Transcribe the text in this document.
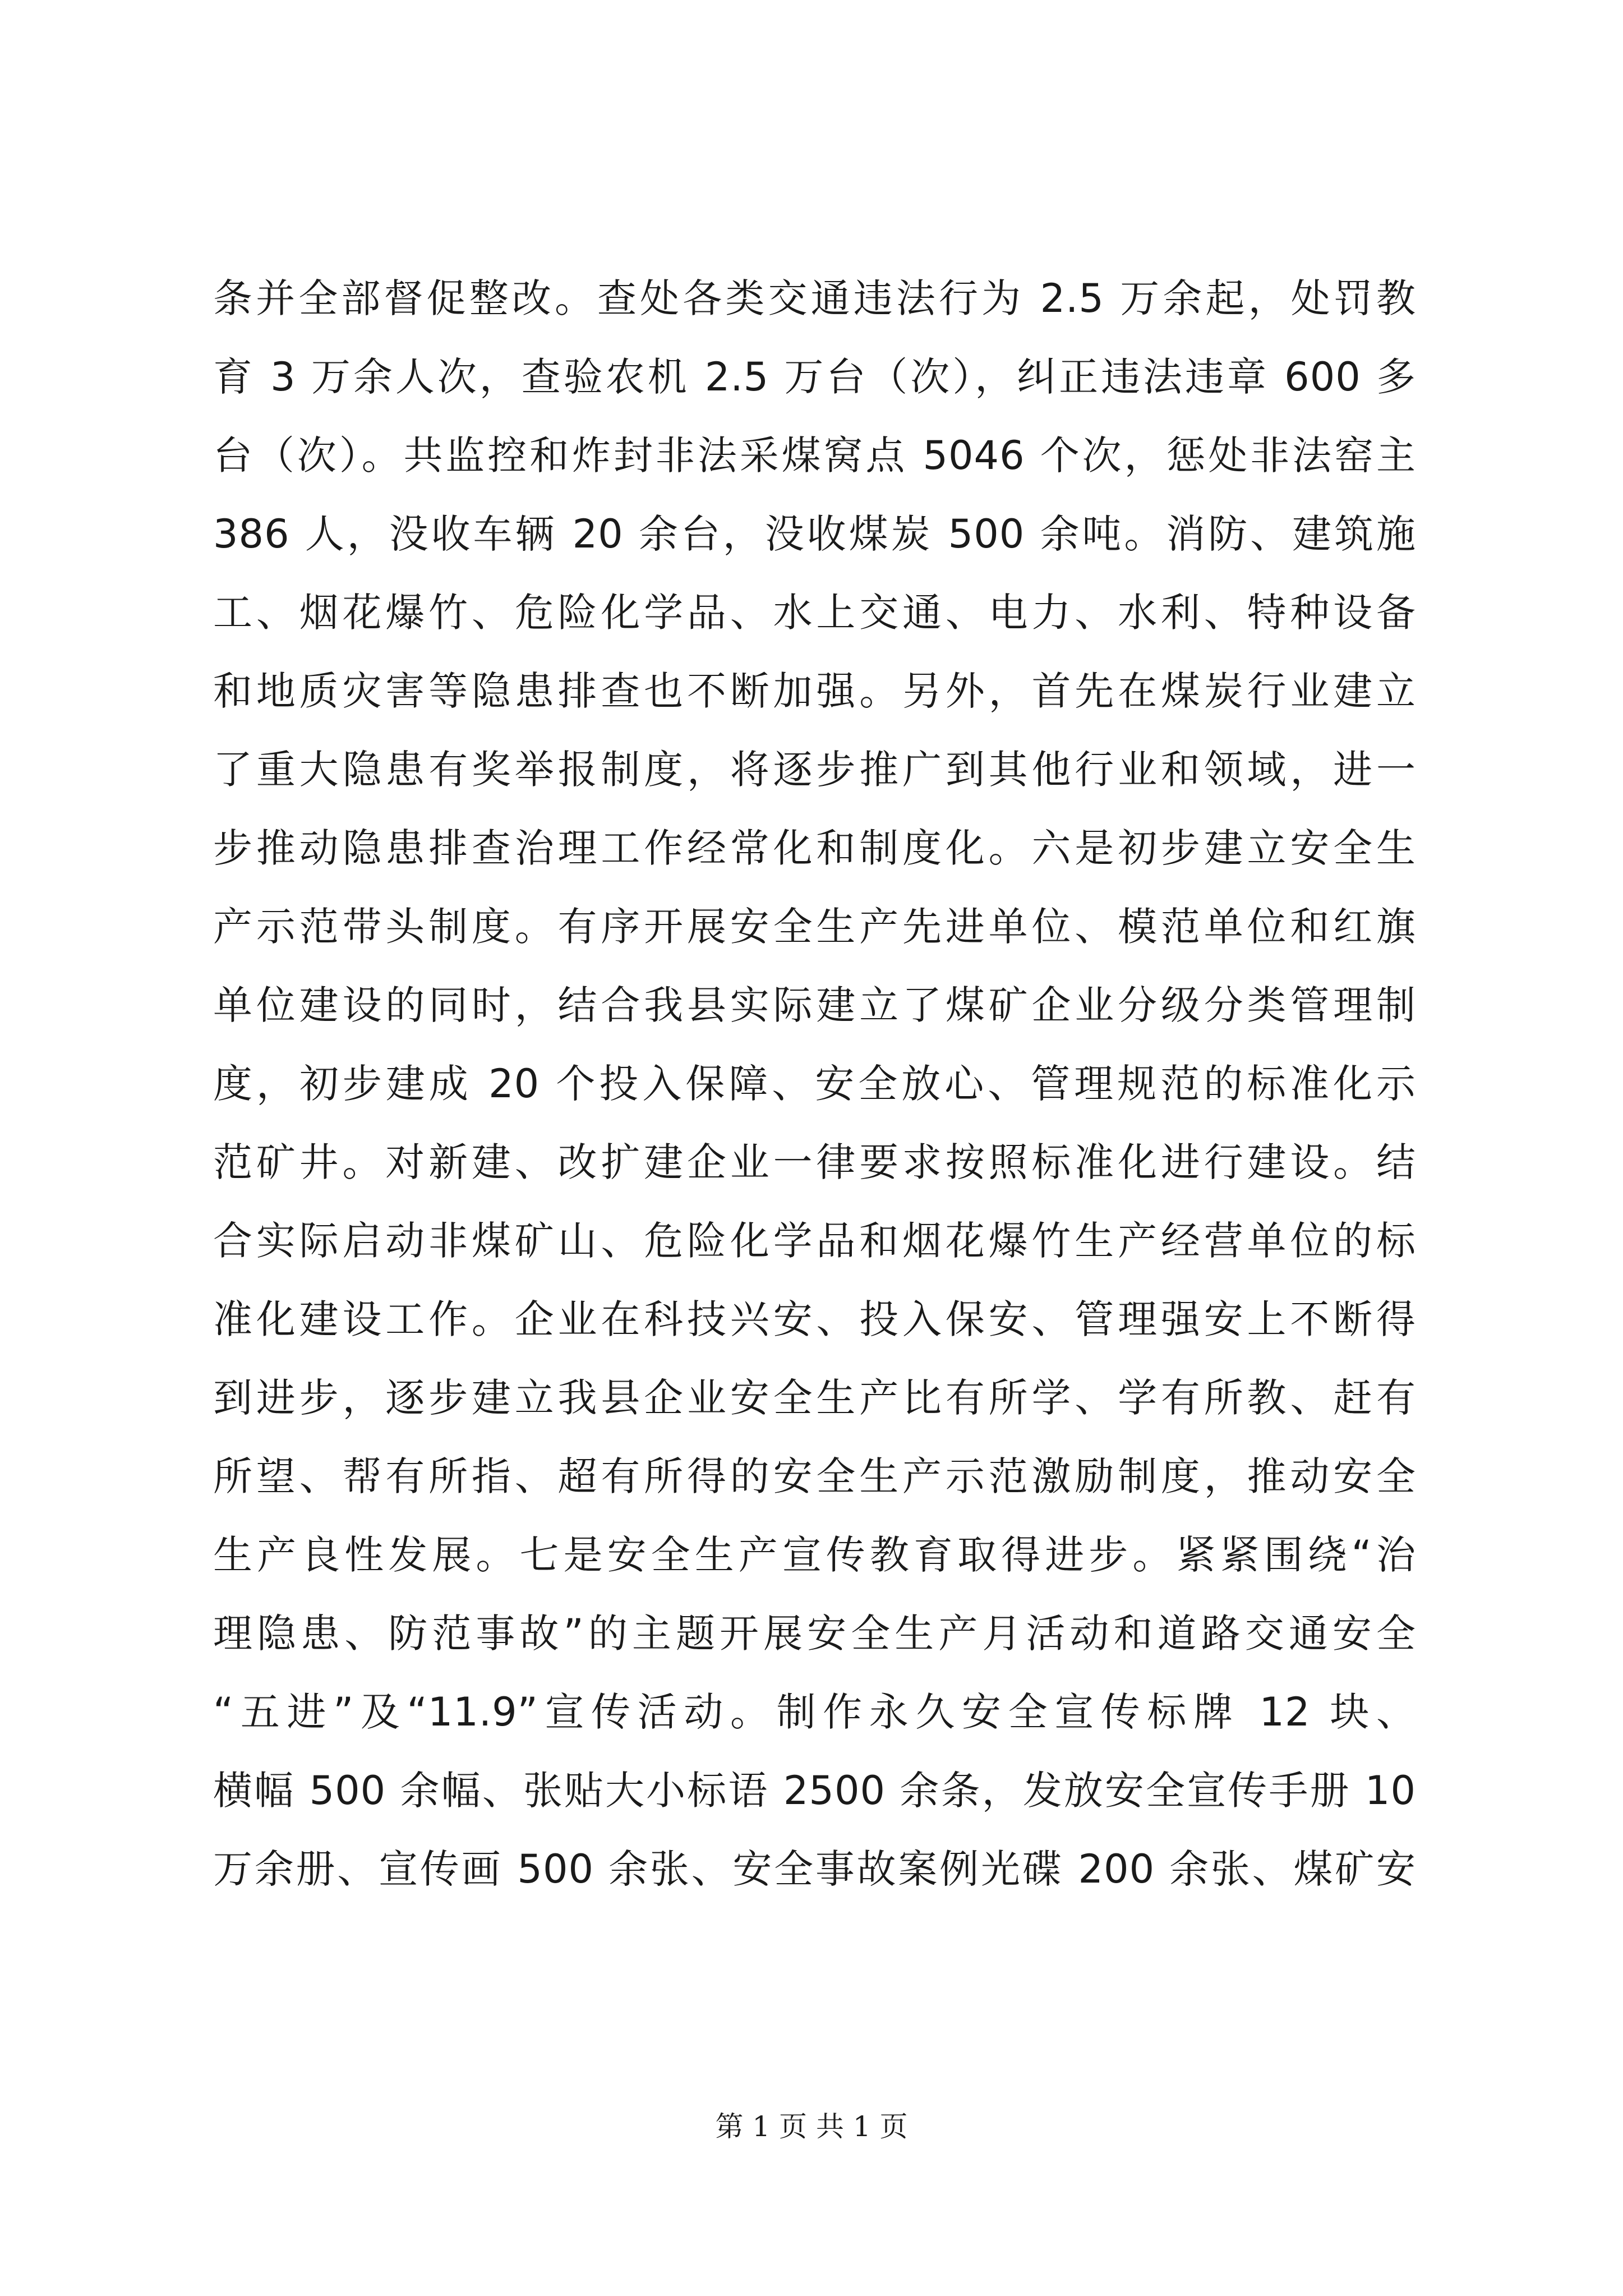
条并全部督促整改。查处各类交通违法行为 2.5 万余起，处罚教
育 3 万余人次，查验农机 2.5 万台（次），纠正违法违章 600 多
台（次）。共监控和炸封非法采煤窝点 5046 个次，惩处非法窑主
386 人，没收车辆 20 余台，没收煤炭 500 余吨。消防、建筑施
工、烟花爆竹、危险化学品、水上交通、电力、水利、特种设备
和地质灾害等隐患排查也不断加强。另外，首先在煤炭行业建立
了重大隐患有奖举报制度，将逐步推广到其他行业和领域，进一
步推动隐患排查治理工作经常化和制度化。六是初步建立安全生
产示范带头制度。有序开展安全生产先进单位、模范单位和红旗
单位建设的同时，结合我县实际建立了煤矿企业分级分类管理制
度，初步建成 20 个投入保障、安全放心、管理规范的标准化示
范矿井。对新建、改扩建企业一律要求按照标准化进行建设。结
合实际启动非煤矿山、危险化学品和烟花爆竹生产经营单位的标
准化建设工作。企业在科技兴安、投入保安、管理强安上不断得
到进步，逐步建立我县企业安全生产比有所学、学有所教、赶有
所望、帮有所指、超有所得的安全生产示范激励制度，推动安全
生产良性发展。七是安全生产宣传教育取得进步。紧紧围绕“治
理隐患、防范事故”的主题开展安全生产月活动和道路交通安全
“五进”及“11.9”宣传活动。制作永久安全宣传标牌 12 块、
横幅 500 余幅、张贴大小标语 2500 余条，发放安全宣传手册 10
万余册、宣传画 500 余张、安全事故案例光碟 200 余张、煤矿安
第 1 页 共 1 页
